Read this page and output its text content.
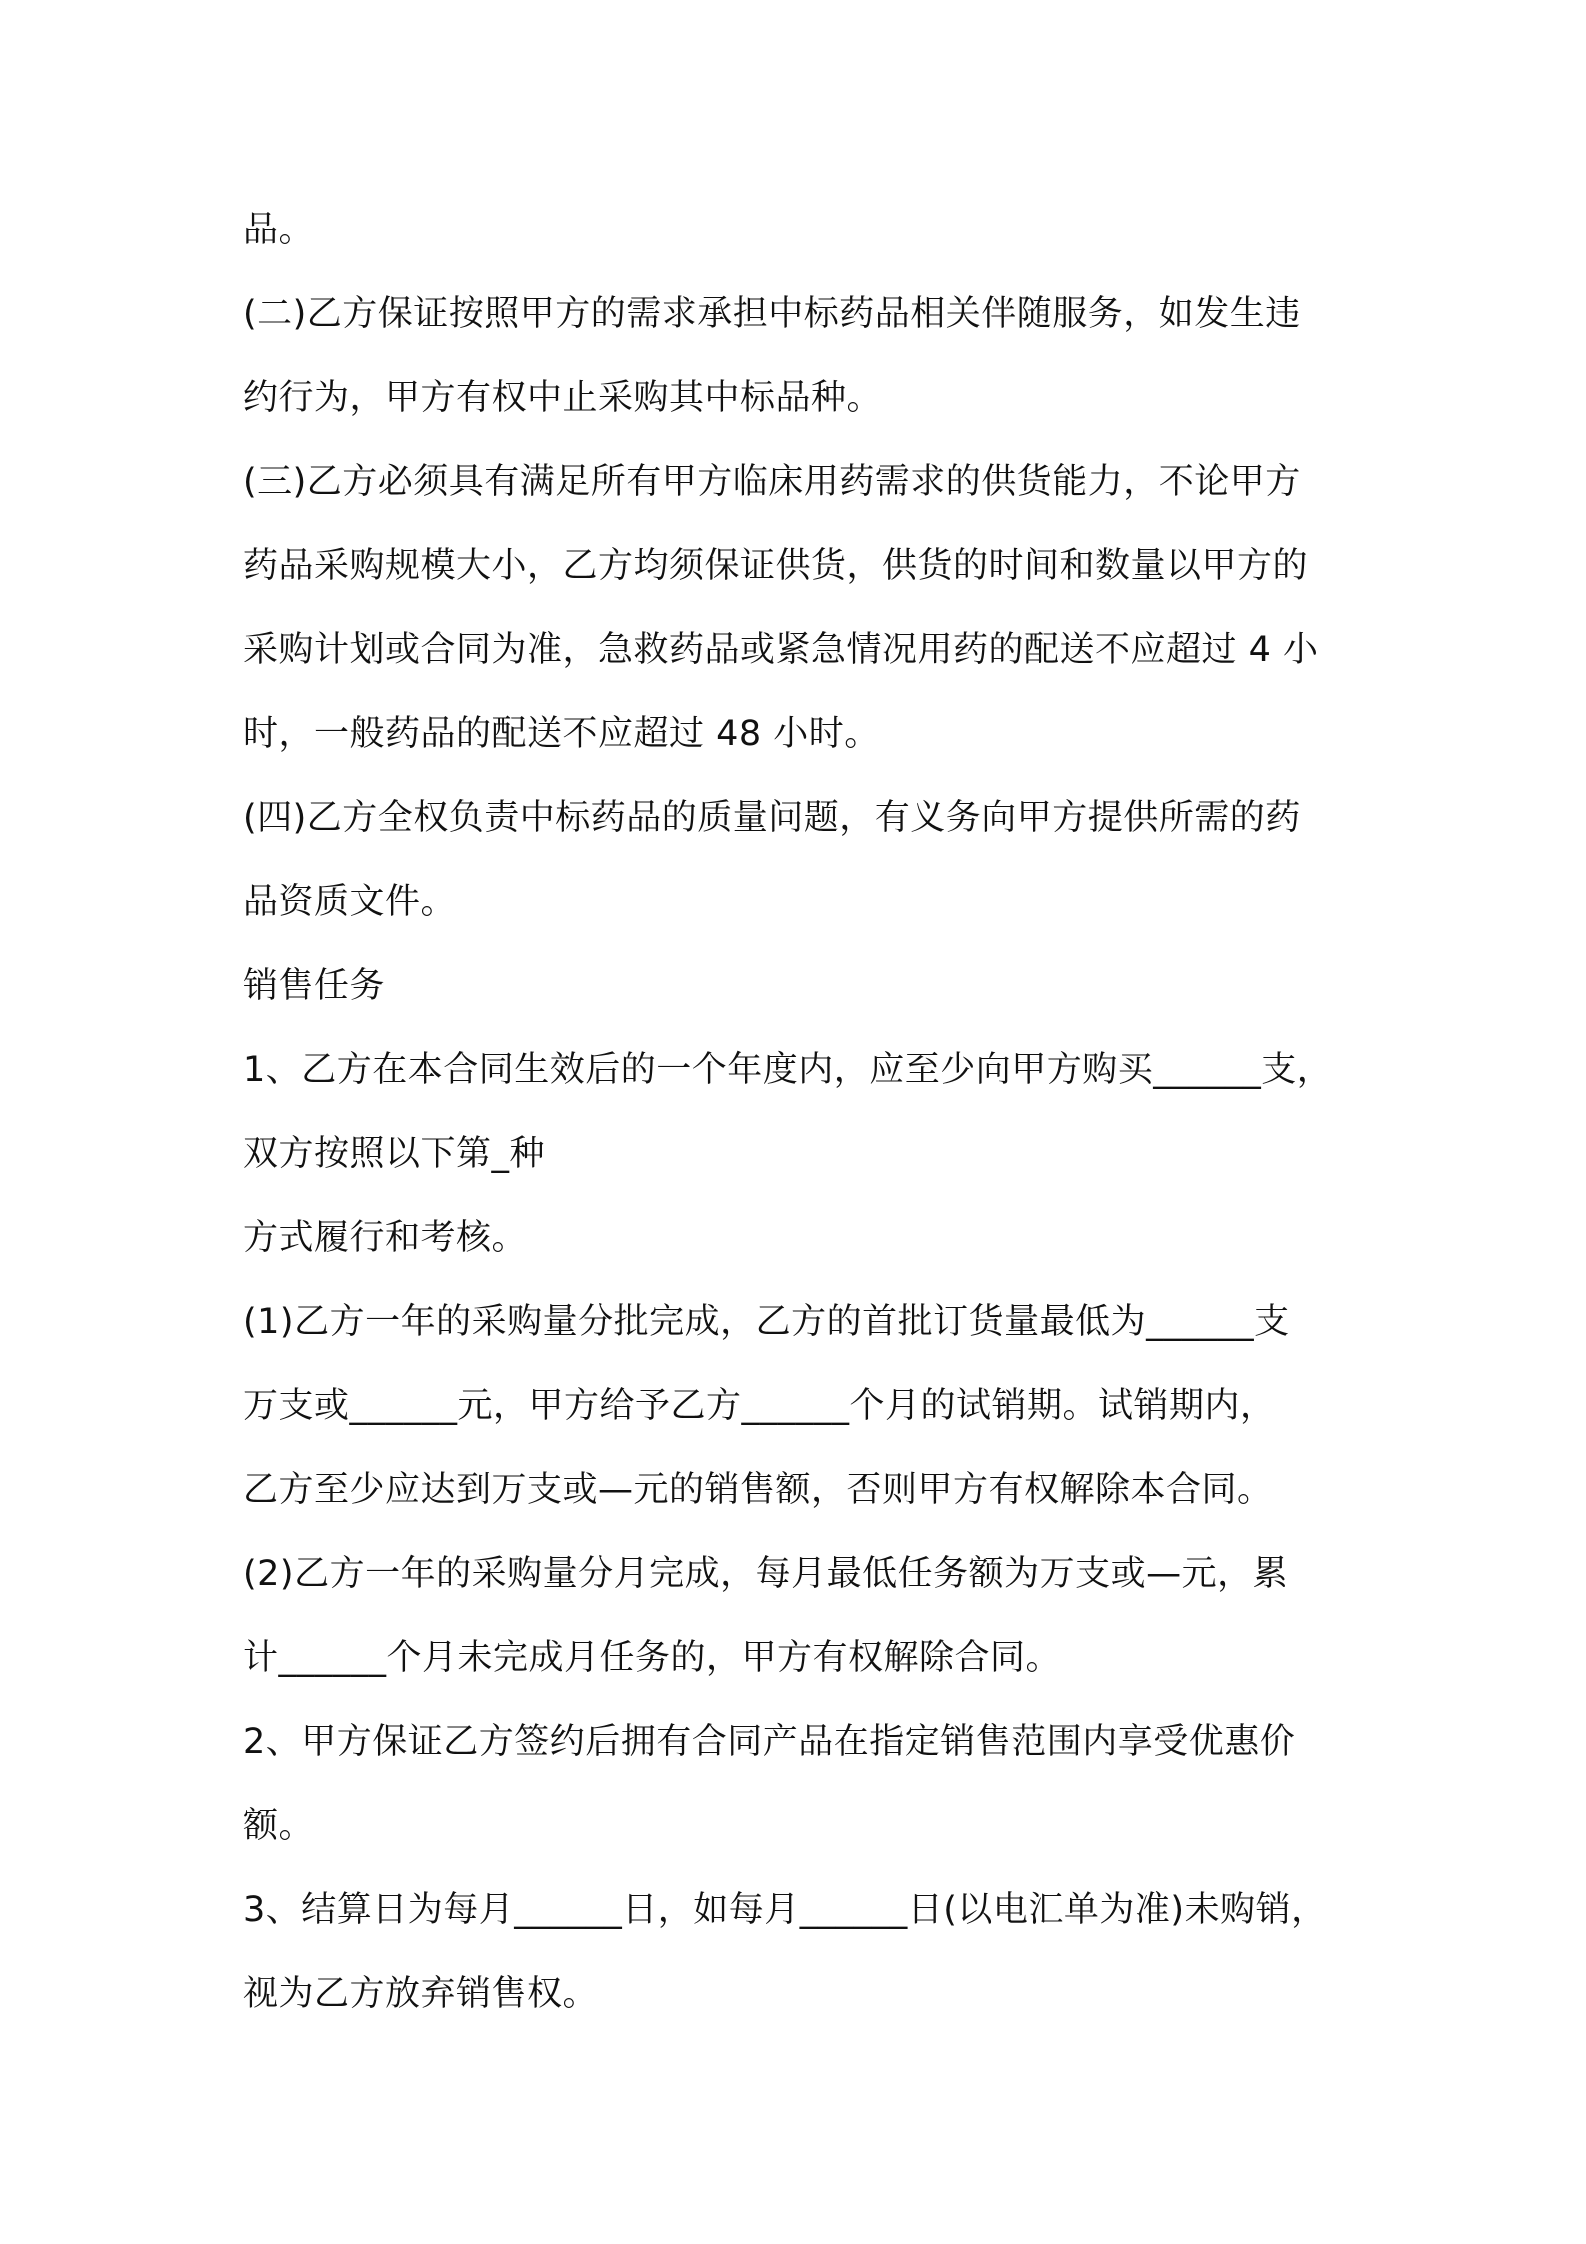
品。
(二)乙方保证按照甲方的需求承担中标药品相关伴随服务，如发生违
约行为，甲方有权中止采购其中标品种。
(三)乙方必须具有满足所有甲方临床用药需求的供货能力，不论甲方
药品采购规模大小，乙方均须保证供货，供货的时间和数量以甲方的
采购计划或合同为准，急救药品或紧急情况用药的配送不应超过 4 小
时，一般药品的配送不应超过 48 小时。
(四)乙方全权负责中标药品的质量问题，有义务向甲方提供所需的药
品资质文件。
销售任务
1、乙方在本合同生效后的一个年度内，应至少向甲方购买______支，
双方按照以下第_种
方式履行和考核。
(1)乙方一年的采购量分批完成，乙方的首批订货量最低为______支
万支或______元，甲方给予乙方______个月的试销期。试销期内，
乙方至少应达到万支或—元的销售额，否则甲方有权解除本合同。
(2)乙方一年的采购量分月完成，每月最低任务额为万支或—元，累
计______个月未完成月任务的，甲方有权解除合同。
2、甲方保证乙方签约后拥有合同产品在指定销售范围内享受优惠价
额。
3、结算日为每月______日，如每月______日(以电汇单为准)未购销，
视为乙方放弃销售权。
